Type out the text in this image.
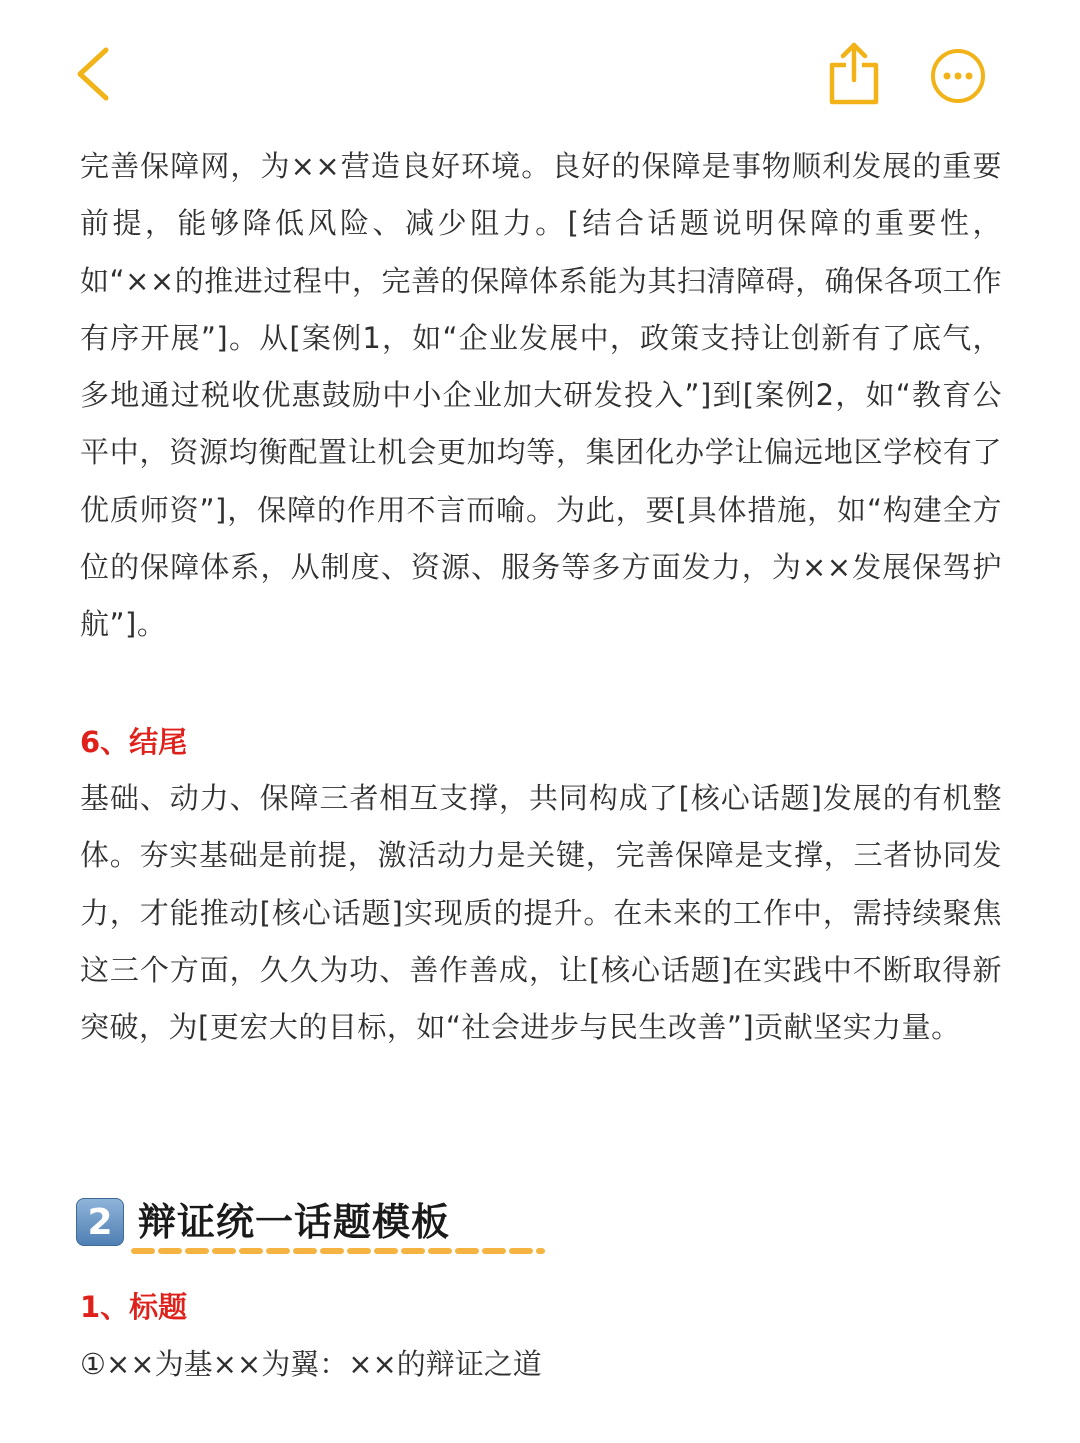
完善保障网，为××营造良好环境。良好的保障是事物顺利发展的重要前提，能够降低风险、减少阻力。[结合话题说明保障的重要性，如“××的推进过程中，完善的保障体系能为其扫清障碍，确保各项工作有序开展”]。从[案例1，如“企业发展中，政策支持让创新有了底气，多地通过税收优惠鼓励中小企业加大研发投入”]到[案例2，如“教育公平中，资源均衡配置让机会更加均等，集团化办学让偏远地区学校有了优质师资”]，保障的作用不言而喻。为此，要[具体措施，如“构建全方位的保障体系，从制度、资源、服务等多方面发力，为××发展保驾护航”]。

6、结尾

基础、动力、保障三者相互支撑，共同构成了[核心话题]发展的有机整体。夯实基础是前提，激活动力是关键，完善保障是支撑，三者协同发力，才能推动[核心话题]实现质的提升。在未来的工作中，需持续聚焦这三个方面，久久为功、善作善成，让[核心话题]在实践中不断取得新突破，为[更宏大的目标，如“社会进步与民生改善”]贡献坚实力量。

2 辩证统一话题模板

1、标题

①××为基××为翼：××的辩证之道
